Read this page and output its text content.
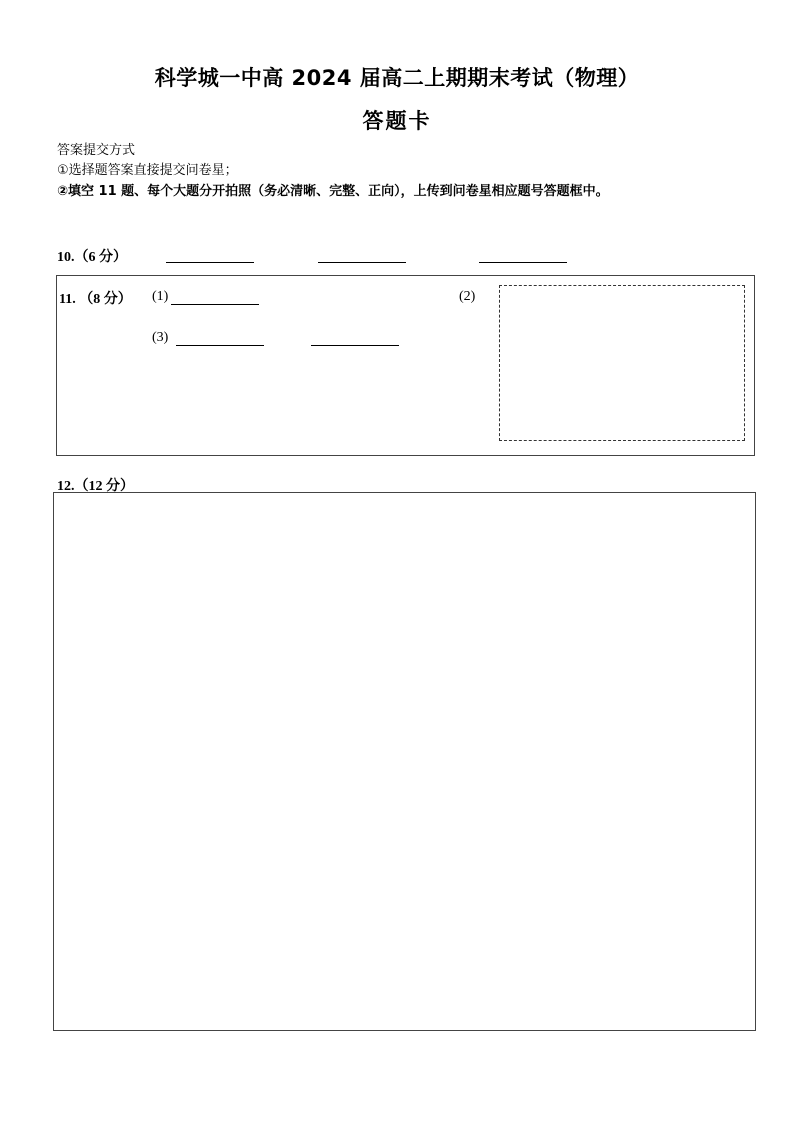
科学城一中高 2024 届高二上期期末考试（物理）
答题卡
答案提交方式
①选择题答案直接提交问卷星；
②填空 11 题、每个大题分开拍照（务必清晰、完整、正向），上传到问卷星相应题号答题框中。
10.（6 分）
11. （8 分） (1)
(3)
(2)
12.（12 分）
